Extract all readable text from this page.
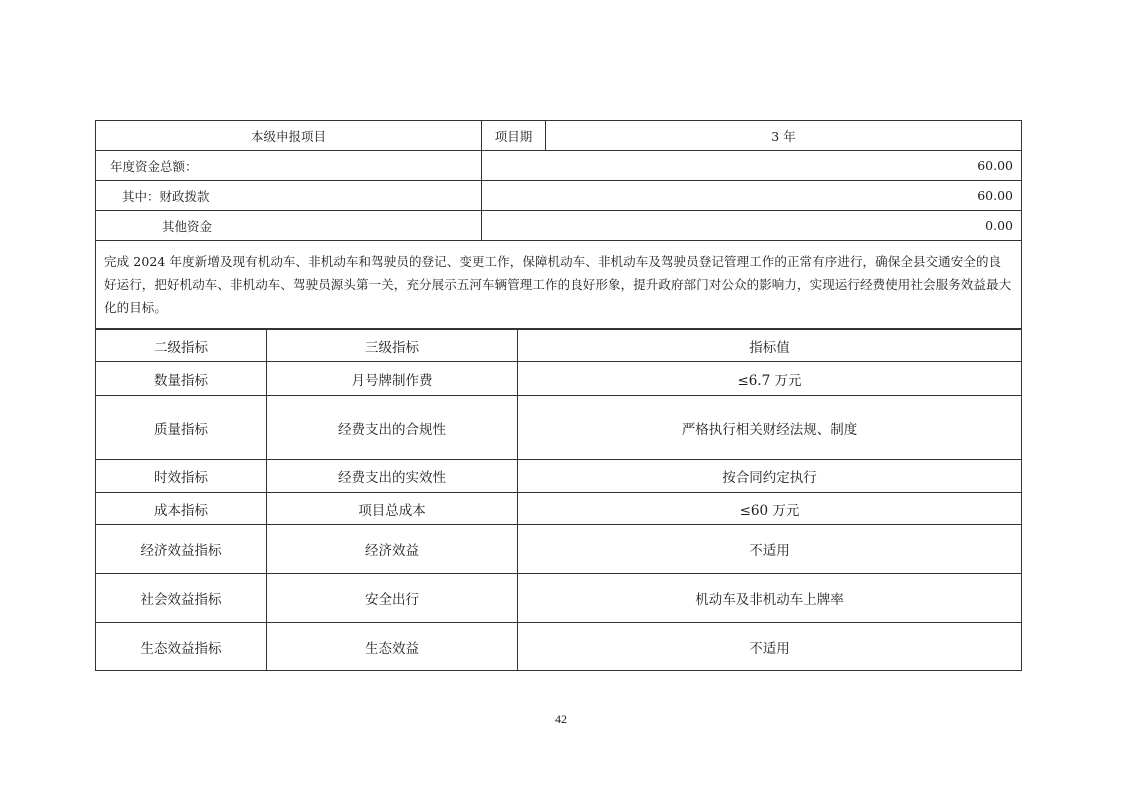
本级申报项目	项目期	3 年
年度资金总额：	60.00	
其中：财政拨款	60.00	
其他资金	0.00	

完成 2024 年度新增及现有机动车、非机动车和驾驶员的登记、变更工作，保障机动车、非机动车及驾驶员登记管理工作的正常有序进行，确保全县交通安全的良好运行，把好机动车、非机动车、驾驶员源头第一关，充分展示五河车辆管理工作的良好形象，提升政府部门对公众的影响力，实现运行经费使用社会服务效益最大化的目标。		
二级指标	三级指标	指标值
数量指标	月号牌制作费	≤6.7 万元
质量指标	经费支出的合规性	严格执行相关财经法规、制度
时效指标	经费支出的实效性	按合同约定执行
成本指标	项目总成本	≤60 万元
经济效益指标	经济效益	不适用
社会效益指标	安全出行	机动车及非机动车上牌率
生态效益指标	生态效益	不适用
42
